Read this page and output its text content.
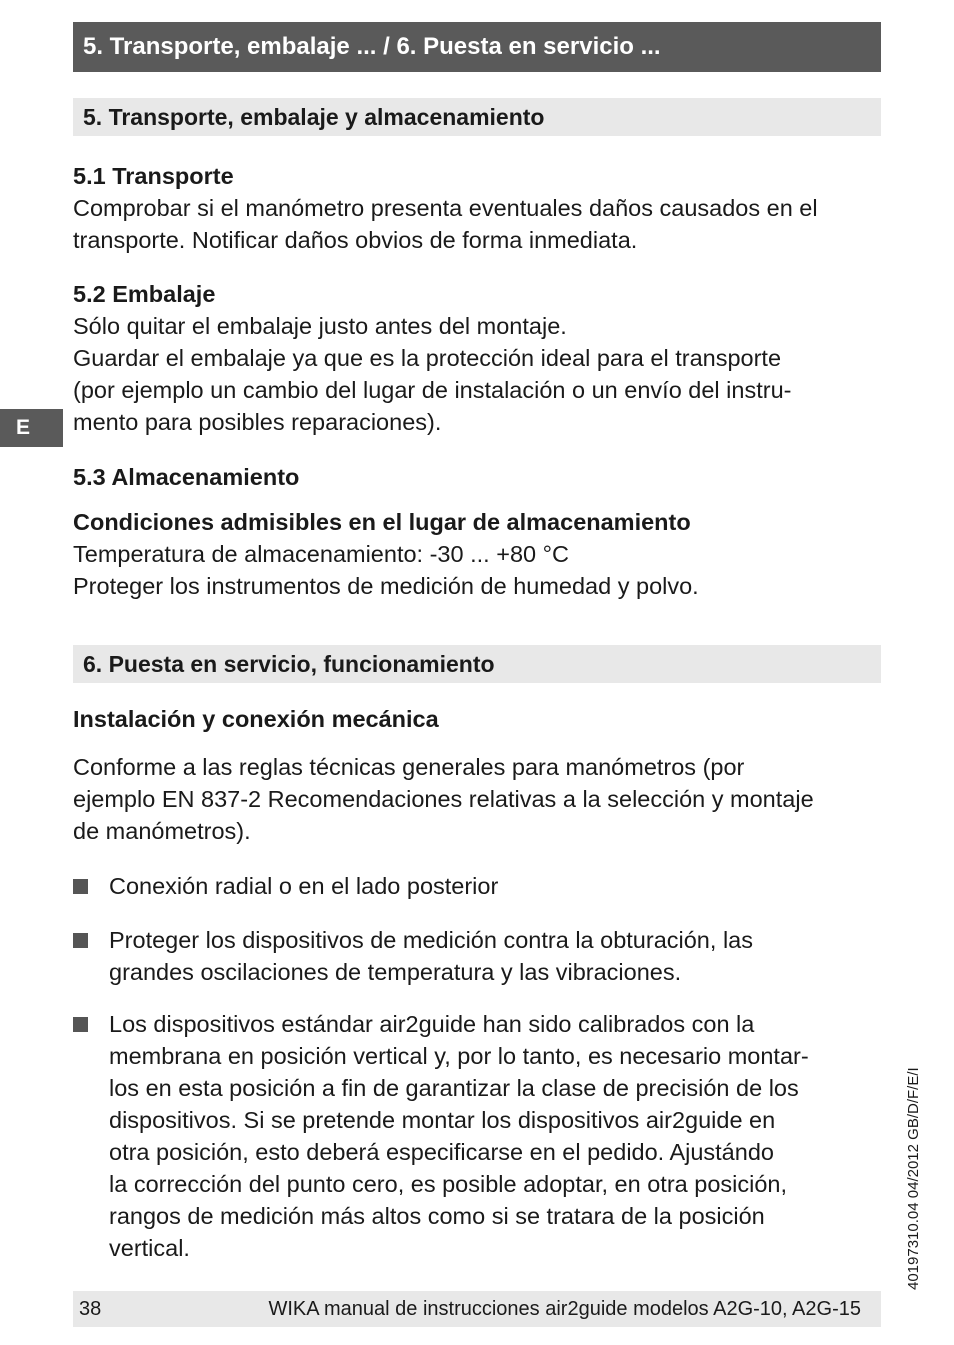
5. Transporte, embalaje ... / 6. Puesta en servicio ...
5. Transporte, embalaje y almacenamiento
5.1 Transporte
Comprobar si el manómetro presenta eventuales daños causados en el
transporte. Notificar daños obvios de forma inmediata.
5.2 Embalaje
Sólo quitar el embalaje justo antes del montaje.
Guardar el embalaje ya que es la protección ideal para el transporte
(por ejemplo un cambio del lugar de instalación o un envío del instru-
mento para posibles reparaciones).
E
5.3 Almacenamiento
Condiciones admisibles en el lugar de almacenamiento
Temperatura de almacenamiento: -30 ... +80 °C
Proteger los instrumentos de medición de humedad y polvo.
6. Puesta en servicio, funcionamiento
Instalación y conexión mecánica
Conforme a las reglas técnicas generales para manómetros (por
ejemplo EN 837-2 Recomendaciones relativas a la selección y montaje
de manómetros).
Conexión radial o en el lado posterior
Proteger los dispositivos de medición contra la obturación, las
grandes oscilaciones de temperatura y las vibraciones.
Los dispositivos estándar air2guide han sido calibrados con la
membrana en posición vertical y, por lo tanto, es necesario montar-
los en esta posición a fin de garantizar la clase de precisión de los
dispositivos. Si se pretende montar los dispositivos air2guide en
otra posición, esto deberá especificarse en el pedido. Ajustándo
la corrección del punto cero, es posible adoptar, en otra posición,
rangos de medición más altos como si se tratara de la posición
vertical.	40197310.04 04/2012 GB/D/F/E/I
38	WIKA manual de instrucciones air2guide modelos A2G-10, A2G-15
